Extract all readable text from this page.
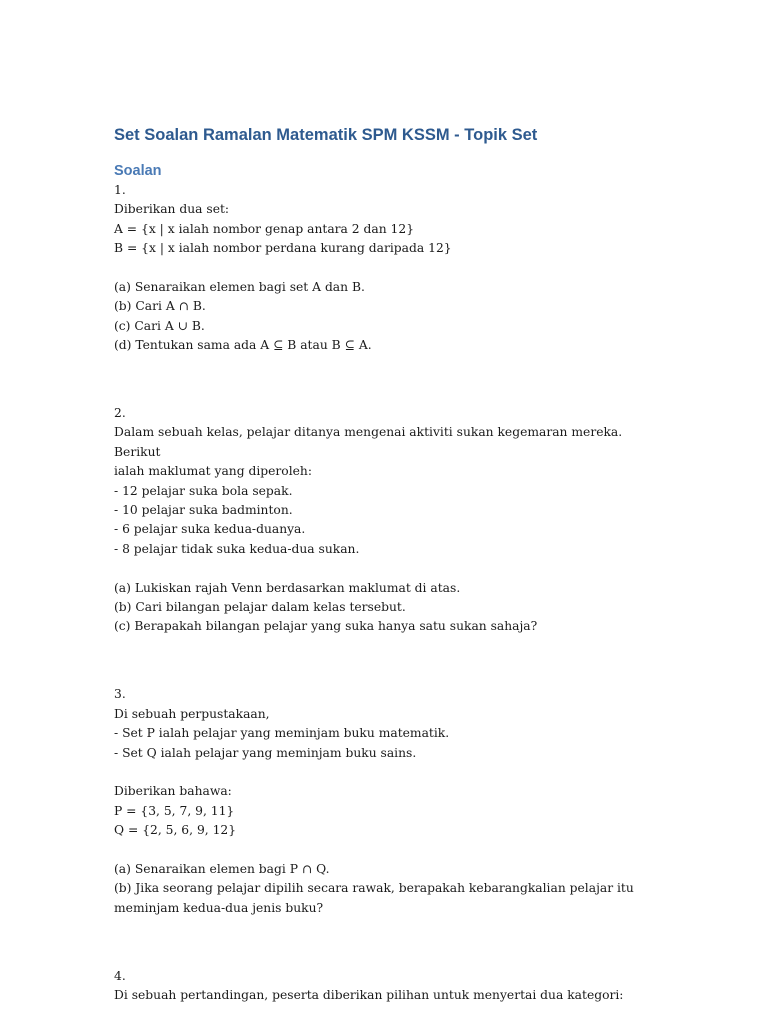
Set Soalan Ramalan Matematik SPM KSSM - Topik Set
Soalan
1.
Diberikan dua set:
A = {x | x ialah nombor genap antara 2 dan 12}
B = {x | x ialah nombor perdana kurang daripada 12}
(a) Senaraikan elemen bagi set A dan B.
(b) Cari A ∩ B.
(c) Cari A ∪ B.
(d) Tentukan sama ada A ⊆ B atau B ⊆ A.
2.
Dalam sebuah kelas, pelajar ditanya mengenai aktiviti sukan kegemaran mereka. Berikut
ialah maklumat yang diperoleh:
- 12 pelajar suka bola sepak.
- 10 pelajar suka badminton.
- 6 pelajar suka kedua-duanya.
- 8 pelajar tidak suka kedua-dua sukan.
(a) Lukiskan rajah Venn berdasarkan maklumat di atas.
(b) Cari bilangan pelajar dalam kelas tersebut.
(c) Berapakah bilangan pelajar yang suka hanya satu sukan sahaja?
3.
Di sebuah perpustakaan,
- Set P ialah pelajar yang meminjam buku matematik.
- Set Q ialah pelajar yang meminjam buku sains.
Diberikan bahawa:
P = {3, 5, 7, 9, 11}
Q = {2, 5, 6, 9, 12}
(a) Senaraikan elemen bagi P ∩ Q.
(b) Jika seorang pelajar dipilih secara rawak, berapakah kebarangkalian pelajar itu
meminjam kedua-dua jenis buku?
4.
Di sebuah pertandingan, peserta diberikan pilihan untuk menyertai dua kategori:
